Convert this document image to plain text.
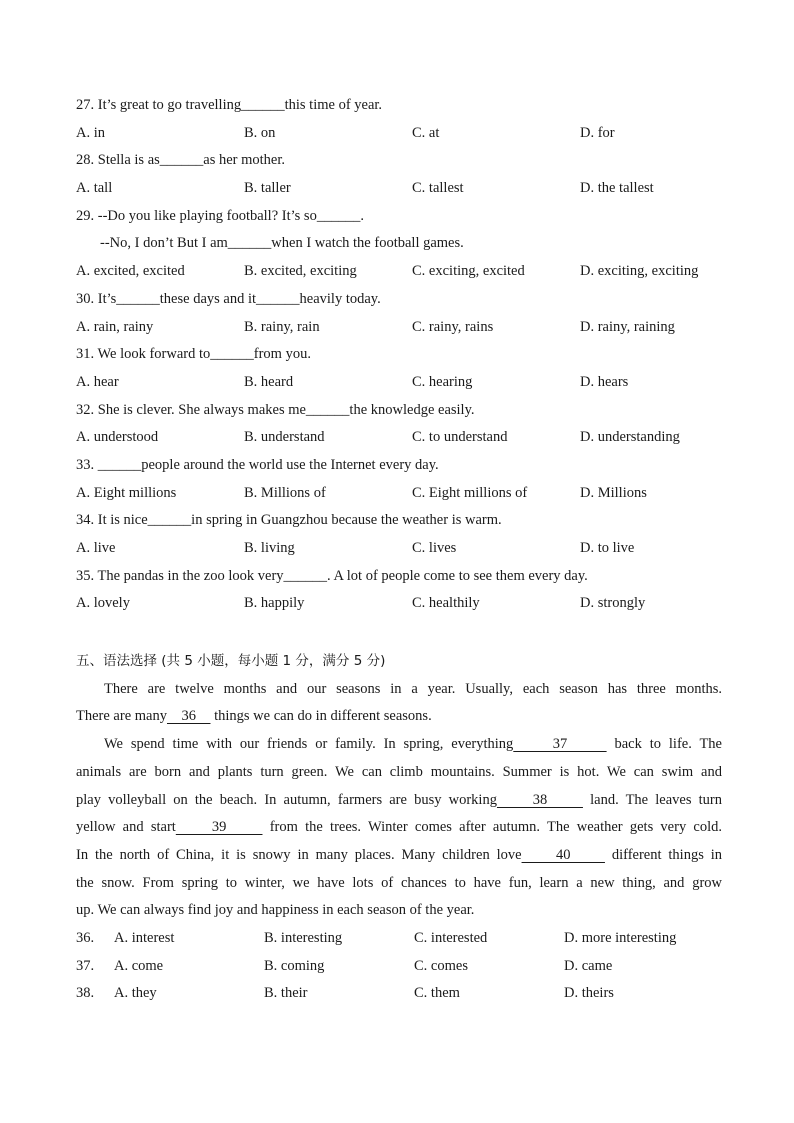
27. It’s great to go travelling______this time of year.
A. in	B. on	C. at	D. for
28. Stella is as______as her mother.
A. tall	B. taller	C. tallest	D. the tallest
29. --Do you like playing football? It’s so______.
--No, I don’t But I am______when I watch the football games.
A. excited, excited	B. excited, exciting	C. exciting, excited	D. exciting, exciting
30. It’s______these days and it______heavily today.
A. rain, rainy	B. rainy, rain	C. rainy, rains	D. rainy, raining
31. We look forward to______from you.
A. hear	B. heard	C. hearing	D. hears
32. She is clever. She always makes me______the knowledge easily.
A. understood	B. understand	C. to understand	D. understanding
33. ______people around the world use the Internet every day.
A. Eight millions	B. Millions of	C. Eight millions of	D. Millions
34. It is nice______in spring in Guangzhou because the weather is warm.
A. live	B. living	C. lives	D. to live
35. The pandas in the zoo look very______. A lot of people come to see them every day.
A. lovely	B. happily	C. healthily	D. strongly
五、语法选择 (共 5 小题，每小题 1 分，满分 5 分)
There are twelve months and our seasons in a year. Usually, each season has three months.
There are many    36     things we can do in different seasons.
We spend time with our friends or family. In spring, everything     37      back to life. The
animals are born and plants turn green. We can climb mountains. Summer is hot. We can swim and
play volleyball on the beach. In autumn, farmers are busy working     38      land. The leaves turn
yellow and start     39      from the trees. Winter comes after autumn. The weather gets very cold.
In the north of China, it is snowy in many places. Many children love     40      different things in
the snow. From spring to winter, we have lots of chances to have fun, learn a new thing, and grow
up. We can always find joy and happiness in each season of the year.
36.	A. interest	B. interesting	C. interested	D. more interesting
37.	A. come	B. coming	C. comes	D. came
38.	A. they	B. their	C. them	D. theirs
